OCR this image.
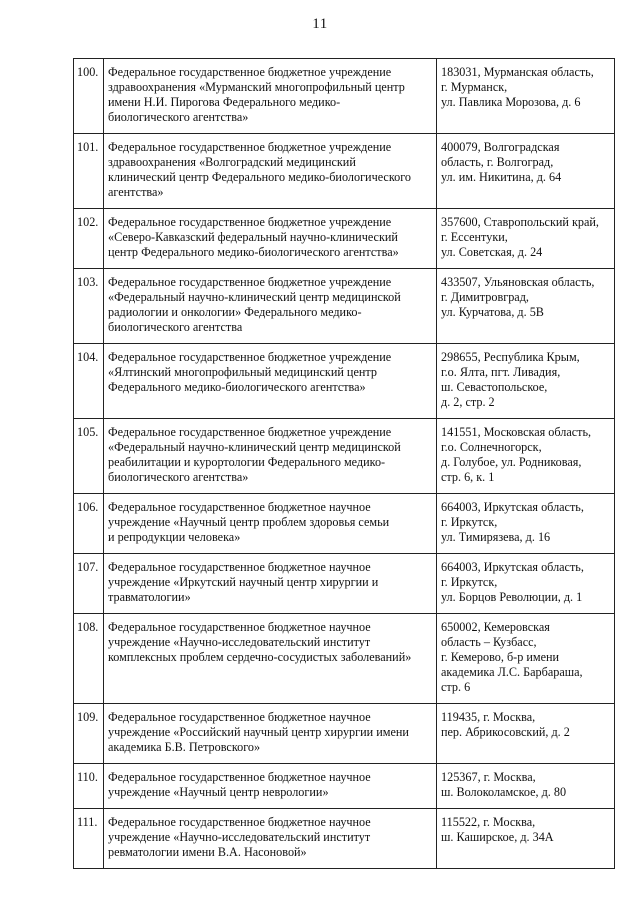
11
100.	Федеральное государственное бюджетное учреждение
здравоохранения «Мурманский многопрофильный центр
имени Н.И. Пирогова Федерального медико-
биологического агентства»	183031, Мурманская область,
г. Мурманск,
ул. Павлика Морозова, д. 6
101.	Федеральное государственное бюджетное учреждение
здравоохранения «Волгоградский медицинский
клинический центр Федерального медико-биологического
агентства»	400079, Волгоградская
область, г. Волгоград,
ул. им. Никитина, д. 64
102.	Федеральное государственное бюджетное учреждение
«Северо-Кавказский федеральный научно-клинический
центр Федерального медико-биологического агентства»	357600, Ставропольский край,
г. Ессентуки,
ул. Советская, д. 24
103.	Федеральное государственное бюджетное учреждение
«Федеральный научно-клинический центр медицинской
радиологии и онкологии» Федерального медико-
биологического агентства	433507, Ульяновская область,
г. Димитровград,
ул. Курчатова, д. 5В
104.	Федеральное государственное бюджетное учреждение
«Ялтинский многопрофильный медицинский центр
Федерального медико-биологического агентства»	298655, Республика Крым,
г.о. Ялта, пгт. Ливадия,
ш. Севастопольское,
д. 2, стр. 2
105.	Федеральное государственное бюджетное учреждение
«Федеральный научно-клинический центр медицинской
реабилитации и курортологии Федерального медико-
биологического агентства»	141551, Московская область,
г.о. Солнечногорск,
д. Голубое, ул. Родниковая,
стр. 6, к. 1
106.	Федеральное государственное бюджетное научное
учреждение «Научный центр проблем здоровья семьи
и репродукции человека»	664003, Иркутская область,
г. Иркутск,
ул. Тимирязева, д. 16
107.	Федеральное государственное бюджетное научное
учреждение «Иркутский научный центр хирургии и
травматологии»	664003, Иркутская область,
г. Иркутск,
ул. Борцов Революции, д. 1
108.	Федеральное государственное бюджетное научное
учреждение «Научно-исследовательский институт
комплексных проблем сердечно-сосудистых заболеваний»	650002, Кемеровская
область – Кузбасс,
г. Кемерово, б-р имени
академика Л.С. Барбараша,
стр. 6
109.	Федеральное государственное бюджетное научное
учреждение «Российский научный центр хирургии имени
академика Б.В. Петровского»	119435, г. Москва,
пер. Абрикосовский, д. 2
110.	Федеральное государственное бюджетное научное
учреждение «Научный центр неврологии»	125367, г. Москва,
ш. Волоколамское, д. 80
111.	Федеральное государственное бюджетное научное
учреждение «Научно-исследовательский институт
ревматологии имени В.А. Насоновой»	115522, г. Москва,
ш. Каширское, д. 34А
